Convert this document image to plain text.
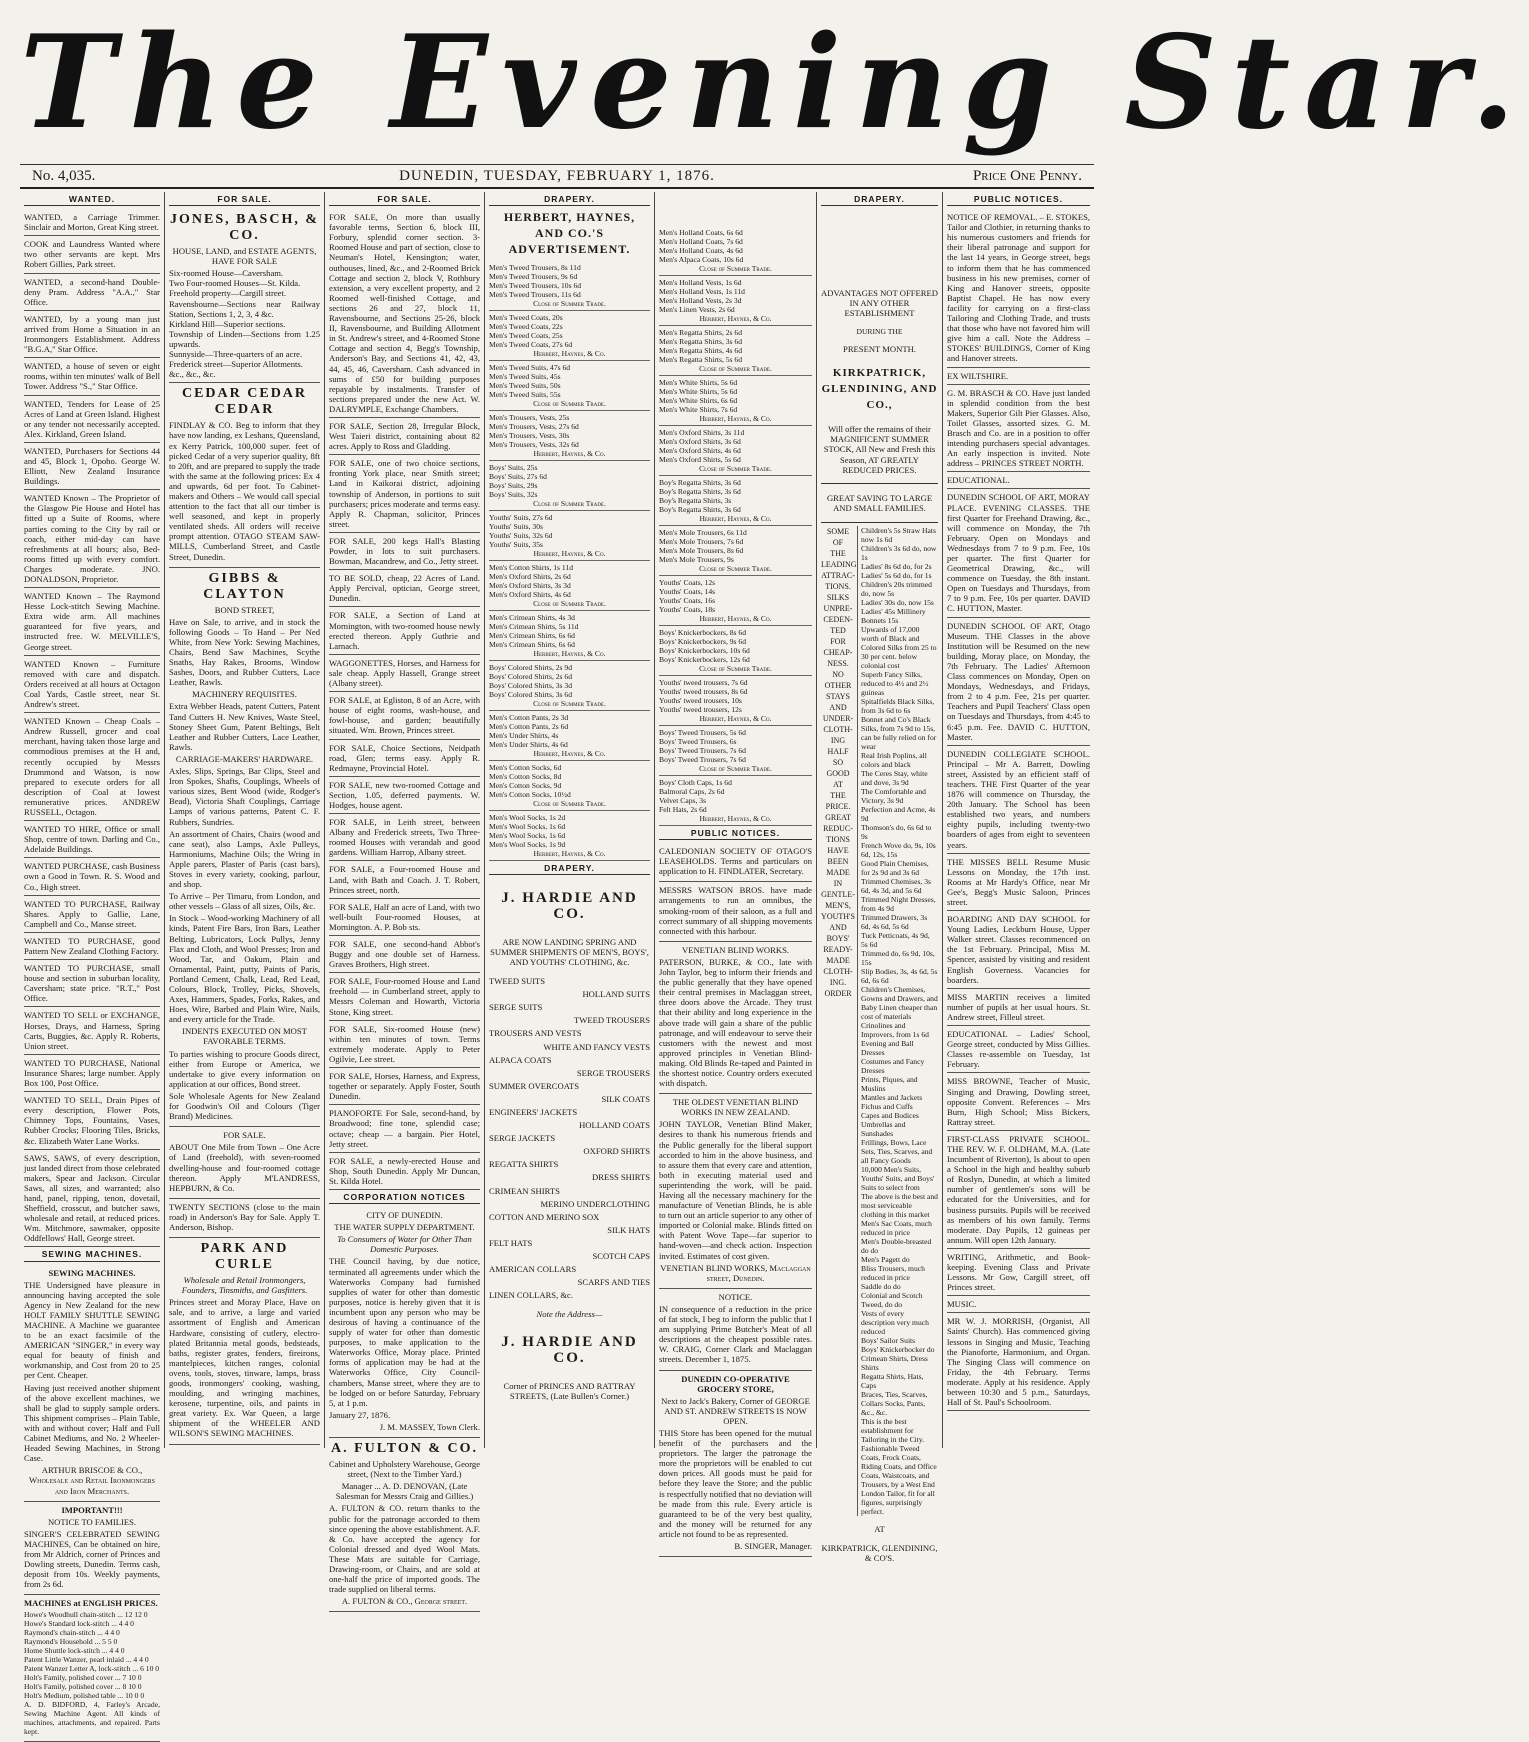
The Evening Star.
No. 4,035.	DUNEDIN, TUESDAY, FEBRUARY 1, 1876.	Price One Penny.
WANTED.
WANTED, a Carriage Trimmer. Sinclair and Morton, Great King street.
COOK and Laundress Wanted where two other servants are kept. Mrs Robert Gillies, Park street.
WANTED, a second-hand Double-deny Pram. Address "A.A.," Star Office.
WANTED, by a young man just arrived from Home a Situation in an Ironmongers Establishment. Address "B.G.A," Star Office.
WANTED, a house of seven or eight rooms, within ten minutes' walk of Bell Tower. Address "S.," Star Office.
WANTED, Tenders for Lease of 25 Acres of Land at Green Island. Highest or any tender not necessarily accepted. Alex. Kirkland, Green Island.
WANTED, Purchasers for Sections 44 and 45, Block 1, Opoho. George W. Elliott, New Zealand Insurance Buildings.
WANTED Known – The Proprietor of the Glasgow Pie House and Hotel has fitted up a Suite of Rooms, where parties coming to the City by rail or coach, either mid-day can have refreshments at all hours; also, Bed-rooms fitted up with every comfort. Charges moderate. JNO. DONALDSON, Proprietor.
WANTED Known – The Raymond Hesse Lock-stitch Sewing Machine. Extra wide arm. All machines guaranteed for five years, and instructed free. W. MELVILLE'S, George street.
WANTED Known – Furniture removed with care and dispatch. Orders received at all hours at Octagon Coal Yards, Castle street, near St. Andrew's street.
WANTED Known – Cheap Coals – Andrew Russell, grocer and coal merchant, having taken those large and commodious premises at the H and, recently occupied by Messrs Drummond and Watson, is now prepared to execute orders for all description of Coal at lowest remunerative prices. ANDREW RUSSELL, Octagon.
WANTED TO HIRE, Office or small Shop, centre of town. Darling and Co., Adelaide Buildings.
WANTED PURCHASE, cash Business own a Good in Town. R. S. Wood and Co., High street.
WANTED TO PURCHASE, Railway Shares. Apply to Gallie, Lane, Campbell and Co., Manse street.
WANTED TO PURCHASE, good Pattern New Zealand Clothing Factory.
WANTED TO PURCHASE, small house and section in suburban locality, Caversham; state price. "R.T.," Post Office.
WANTED TO SELL or EXCHANGE, Horses, Drays, and Harness, Spring Carts, Buggies, &c. Apply R. Roberts, Union street.
WANTED TO PURCHASE, National Insurance Shares; large number. Apply Box 100, Post Office.
WANTED TO SELL, Drain Pipes of every description, Flower Pots, Chimney Tops, Fountains, Vases, Rubber Crocks; Flooring Tiles, Bricks, &c. Elizabeth Water Lane Works.
SAWS, SAWS, of every description, just landed direct from those celebrated makers, Spear and Jackson. Circular Saws, all sizes, and warranted; also hand, panel, ripping, tenon, dovetail, Sheffield, crosscut, and butcher saws, wholesale and retail, at reduced prices. Wm. Mitchmore, sawmaker, opposite Oddfellows' Hall, George street.
SEWING MACHINES.

SEWING MACHINES.

THE Undersigned have pleasure in announcing having accepted the sole Agency in New Zealand for the new HOLT FAMILY SHUTTLE SEWING MACHINE. A Machine we guarantee to be an exact facsimile of the AMERICAN "SINGER," in every way equal for beauty of finish and workmanship, and Cost from 20 to 25 per Cent. Cheaper.

Having just received another shipment of the above excellent machines, we shall be glad to supply sample orders. This shipment comprises – Plain Table, with and without cover; Half and Full Cabinet Mediums, and No. 2 Wheeler-Headed Sewing Machines, in Strong Case.

ARTHUR BRISCOE & CO., Wholesale and Retail Ironmongers and Iron Merchants.

IMPORTANT!!!

NOTICE TO FAMILIES.

SINGER'S CELEBRATED SEWING MACHINES, Can be obtained on hire, from Mr Aldrich, corner of Princes and Dowling streets, Dunedin. Terms cash, deposit from 10s. Weekly payments, from 2s 6d.

MACHINES at ENGLISH PRICES.

Howe's Woodhull chain-stitch ... 12 12 0
Howe's Standard lock-stitch ... 4 4 0
Raymond's chain-stitch ... 4 4 0
Raymond's Household ... 5 5 0
Home Shuttle lock-stitch ... 4 4 0
Patent Little Wanzer, pearl inlaid ... 4 4 0
Patent Wanzer Letter A, lock-stitch ... 6 10 0
Holt's Family, polished cover ... 7 10 0
Holt's Family, polished cover ... 8 10 0
Holt's Medium, polished table ... 10 0 0

A. D. BIDFORD, 4, Farley's Arcade, Sewing Machine Agent. All kinds of machines, attachments, and repaired. Parts kept.

FOR SALE.

JONES, BASCH, & CO.

HOUSE, LAND, and ESTATE AGENTS, HAVE FOR SALE

Six-roomed House—Caversham.
Two Four-roomed Houses—St. Kilda.
Freehold property—Cargill street.
Ravensbourne—Sections near Railway Station, Sections 1, 2, 3, 4 &c.
Kirkland Hill—Superior sections.
Township of Linden—Sections from 1.25 upwards.
Sunnyside—Three-quarters of an acre.
Frederick street—Superior Allotments.
&c., &c., &c.

CEDAR CEDAR CEDAR

FINDLAY & CO. Beg to inform that they have now landing, ex Leshans, Queensland, ex Kerry Patrick, 100,000 super. feet of picked Cedar of a very superior quality, 8ft to 20ft, and are prepared to supply the trade with the same at the following prices: Ex 4 and upwards, 6d per foot. To Cabinet-makers and Others – We would call special attention to the fact that all our timber is well seasoned, and kept in properly ventilated sheds. All orders will receive prompt attention. OTAGO STEAM SAW-MILLS, Cumberland Street, and Castle Street, Dunedin.

GIBBS & CLAYTON

BOND STREET,

Have on Sale, to arrive, and in stock the following Goods – To Hand – Per Ned White, from New York: Sewing Machines, Chairs, Bend Saw Machines, Scythe Snaths, Hay Rakes, Brooms, Window Sashes, Doors, and Rubber Cutters, Lace Leather, Rawls.

MACHINERY REQUISITES.

Extra Webber Heads, patent Cutters, Patent Tand Cutters H. New Knives, Waste Steel, Stoney Sheet Gum, Patent Beltings, Belt Leather and Rubber Cutters, Lace Leather, Rawls.

CARRIAGE-MAKERS' HARDWARE.

Axles, Slips, Springs, Bar Clips, Steel and Iron Spokes, Shafts, Couplings, Wheels of various sizes, Bent Wood (wide, Rodger's Bead), Victoria Shaft Couplings, Carriage Lamps of various patterns, Patent C. F. Rubbers, Sundries.

An assortment of Chairs, Chairs (wood and cane seat), also Lamps, Axle Pulleys, Harmoniums, Machine Oils; the Wring in Apple parers, Plaster of Paris (cast bars), Stoves in every variety, cooking, parlour, and shop.

To Arrive – Per Timaru, from London, and other vessels – Glass of all sizes, Oils, &c.

In Stock – Wood-working Machinery of all kinds, Patent Fire Bars, Iron Bars, Leather Belting, Lubricators, Lock Pullys, Jenny Flax and Cloth, and Wool Presses; Iron and Wood, Tar, and Oakum, Plain and Ornamental, Paint, putty, Paints of Paris, Portland Cement, Chalk, Lead, Red Lead, Colours, Block, Trolley, Picks, Shovels, Axes, Hammers, Spades, Forks, Rakes, and Hoes, Wire, Barbed and Plain Wire, Nails, and every article for the Trade.

INDENTS EXECUTED ON MOST FAVORABLE TERMS.

To parties wishing to procure Goods direct, either from Europe or America, we undertake to give every information on application at our offices, Bond street.

Sole Wholesale Agents for New Zealand for Goodwin's Oil and Colours (Tiger Brand) Medicines.

FOR SALE.

ABOUT One Mile from Town – One Acre of Land (freehold), with seven-roomed dwelling-house and four-roomed cottage thereon. Apply M'LANDRESS, HEPBURN, & Co.

TWENTY SECTIONS (close to the main road) in Anderson's Bay for Sale. Apply T. Anderson, Bishop.

PARK AND CURLE

Wholesale and Retail Ironmongers, Founders, Tinsmiths, and Gasfitters.

Princes street and Moray Place, Have on sale, and to arrive, a large and varied assortment of English and American Hardware, consisting of cutlery, electro-plated Britannia metal goods, bedsteads, baths, register grates, fenders, fireirons, mantelpieces, kitchen ranges, colonial ovens, tools, stoves, tinware, lamps, brass goods, ironmongers' cooking, washing, moulding, and wringing machines, kerosene, turpentine, oils, and paints in great variety. Ex. War Queen, a large shipment of the WHEELER AND WILSON'S SEWING MACHINES.

FOR SALE.
FOR SALE, On more than usually favorable terms, Section 6, block III, Forbury, splendid corner section. 3-Roomed House and part of section, close to Neuman's Hotel, Kensington; water, outhouses, lined, &c., and 2-Roomed Brick Cottage and section 2, block V, Rothbury extension, a very excellent property, and 2 Roomed well-finished Cottage, and sections 26 and 27, block 11, Ravensbourne, and Sections 25-26, block II, Ravensbourne, and Building Allotment in St. Andrew's street, and 4-Roomed Stone Cottage and section 4, Begg's Township, Anderson's Bay, and Sections 41, 42, 43, 44, 45, 46, Caversham. Cash advanced in sums of £50 for building purposes repayable by instalments. Transfer of sections prepared under the new Act. W. DALRYMPLE, Exchange Chambers.
FOR SALE, Section 28, Irregular Block, West Taieri district, containing about 82 acres. Apply to Ross and Gladding.
FOR SALE, one of two choice sections, fronting York place, near Smith street; Land in Kaikorai district, adjoining township of Anderson, in portions to suit purchasers; prices moderate and terms easy. Apply R. Chapman, solicitor, Princes street.
FOR SALE, 200 kegs Hall's Blasting Powder, in lots to suit purchasers. Bowman, Macandrew, and Co., Jetty street.
TO BE SOLD, cheap, 22 Acres of Land. Apply Percival, optician, George street, Dunedin.
FOR SALE, a Section of Land at Mornington, with two-roomed house newly erected thereon. Apply Guthrie and Larnach.
WAGGONETTES, Horses, and Harness for sale cheap. Apply Hassell, Grange street (Albany street).
FOR SALE, at Egliston, 8 of an Acre, with house of eight rooms, wash-house, and fowl-house, and garden; beautifully situated. Wm. Brown, Princes street.
FOR SALE, Choice Sections, Neidpath road, Glen; terms easy. Apply R. Redmayne, Provincial Hotel.
FOR SALE, new two-roomed Cottage and Section, 1.05, deferred payments. W. Hodges, house agent.
FOR SALE, in Leith street, between Albany and Frederick streets, Two Three-roomed Houses with verandah and good gardens. William Harrop, Albany street.
FOR SALE, a Four-roomed House and Land, with Bath and Coach. J. T. Robert, Princes street, north.
FOR SALE, Half an acre of Land, with two well-built Four-roomed Houses, at Mornington. A. P. Bob sts.
FOR SALE, one second-hand Abbot's Buggy and one double set of Harness. Graves Brothers, High street.
FOR SALE, Four-roomed House and Land freehold — in Cumberland street, apply to Messrs Coleman and Howarth, Victoria Stone, King street.
FOR SALE, Six-roomed House (new) within ten minutes of town. Terms extremely moderate. Apply to Peter Ogilvie, Lee street.
FOR SALE, Horses, Harness, and Express, together or separately. Apply Foster, South Dunedin.
PIANOFORTE For Sale, second-hand, by Broadwood; fine tone, splendid case; octave; cheap — a bargain. Pier Hotel, Jetty street.
FOR SALE, a newly-erected House and Shop, South Dunedin. Apply Mr Duncan, St. Kilda Hotel.
CORPORATION NOTICES

CITY OF DUNEDIN.

THE WATER SUPPLY DEPARTMENT.

To Consumers of Water for Other Than Domestic Purposes.

THE Council having, by due notice, terminated all agreements under which the Waterworks Company had furnished supplies of water for other than domestic purposes, notice is hereby given that it is incumbent upon any person who may be desirous of having a continuance of the supply of water for other than domestic purposes, to make application to the Waterworks Office, Moray place. Printed forms of application may be had at the Waterworks Office, City Council-chambers, Manse street, where they are to be lodged on or before Saturday, February 5, at 1 p.m.

January 27, 1876.

J. M. MASSEY, Town Clerk.

A. FULTON & CO.

Cabinet and Upholstery Warehouse, George street, (Next to the Timber Yard.)

Manager ... A. D. DENOVAN, (Late Salesman for Messrs Craig and Gillies.)

A. FULTON & CO. return thanks to the public for the patronage accorded to them since opening the above establishment. A.F. & Co. have accepted the agency for Colonial dressed and dyed Wool Mats. These Mats are suitable for Carriage, Drawing-room, or Chairs, and are sold at one-half the price of imported goods. The trade supplied on liberal terms.

A. FULTON & CO., George street.

DRAPERY.

HERBERT, HAYNES, AND CO.'S ADVERTISEMENT.

Men's Tweed Trousers, 8s 11d
Men's Tweed Trousers, 9s 6d
Men's Tweed Trousers, 10s 6d
Men's Tweed Trousers, 11s 6d
Close of Summer Trade.
Men's Tweed Coats, 20s
Men's Tweed Coats, 22s
Men's Tweed Coats, 25s
Men's Tweed Coats, 27s 6d
Herbert, Haynes, & Co.
Men's Tweed Suits, 47s 6d
Men's Tweed Suits, 45s
Men's Tweed Suits, 50s
Men's Tweed Suits, 55s
Close of Summer Trade.
Men's Trousers, Vests, 25s
Men's Trousers, Vests, 27s 6d
Men's Trousers, Vests, 30s
Men's Trousers, Vests, 32s 6d
Herbert, Haynes, & Co.
Boys' Suits, 25s
Boys' Suits, 27s 6d
Boys' Suits, 29s
Boys' Suits, 32s
Close of Summer Trade.
Youths' Suits, 27s 6d
Youths' Suits, 30s
Youths' Suits, 32s 6d
Youths' Suits, 35s
Herbert, Haynes, & Co.
Men's Cotton Shirts, 1s 11d
Men's Oxford Shirts, 2s 6d
Men's Oxford Shirts, 3s 3d
Men's Oxford Shirts, 4s 6d
Close of Summer Trade.
Men's Crimean Shirts, 4s 3d
Men's Crimean Shirts, 5s 11d
Men's Crimean Shirts, 6s 6d
Men's Crimean Shirts, 6s 6d
Herbert, Haynes, & Co.
Boys' Colored Shirts, 2s 9d
Boys' Colored Shirts, 2s 6d
Boys' Colored Shirts, 3s 3d
Boys' Colored Shirts, 3s 6d
Close of Summer Trade.
Men's Cotton Pants, 2s 3d
Men's Cotton Pants, 2s 6d
Men's Under Shirts, 4s
Men's Under Shirts, 4s 6d
Herbert, Haynes, & Co.
Men's Cotton Socks, 6d
Men's Cotton Socks, 8d
Men's Cotton Socks, 9d
Men's Cotton Socks, 10½d
Close of Summer Trade.
Men's Wool Socks, 1s 2d
Men's Wool Socks, 1s 6d
Men's Wool Socks, 1s 6d
Men's Wool Socks, 1s 9d
Herbert, Haynes, & Co.
DRAPERY.

J. HARDIE AND CO.

ARE NOW LANDING SPRING AND SUMMER SHIPMENTS OF MEN'S, BOYS', AND YOUTHS' CLOTHING, &c.

TWEED SUITS
HOLLAND SUITS
SERGE SUITS
TWEED TROUSERS
TROUSERS AND VESTS
WHITE AND FANCY VESTS
ALPACA COATS
SERGE TROUSERS
SUMMER OVERCOATS
SILK COATS
ENGINEERS' JACKETS
HOLLAND COATS
SERGE JACKETS
OXFORD SHIRTS
REGATTA SHIRTS
DRESS SHIRTS
CRIMEAN SHIRTS
MERINO UNDERCLOTHING
COTTON AND MERINO SOX
SILK HATS
FELT HATS
SCOTCH CAPS
AMERICAN COLLARS
SCARFS AND TIES
LINEN COLLARS, &c.

Note the Address—

J. HARDIE AND CO.

Corner of PRINCES AND RATTRAY STREETS, (Late Bullen's Corner.)

Men's Holland Coats, 6s 6d
Men's Holland Coats, 7s 6d
Men's Holland Coats, 4s 6d
Men's Alpaca Coats, 10s 6d
Close of Summer Trade.
Men's Holland Vests, 1s 6d
Men's Holland Vests, 1s 11d
Men's Holland Vests, 2s 3d
Men's Linen Vests, 2s 6d
Herbert, Haynes, & Co.
Men's Regatta Shirts, 2s 6d
Men's Regatta Shirts, 3s 6d
Men's Regatta Shirts, 4s 6d
Men's Regatta Shirts, 5s 6d
Close of Summer Trade.
Men's White Shirts, 5s 6d
Men's White Shirts, 5s 6d
Men's White Shirts, 6s 6d
Men's White Shirts, 7s 6d
Herbert, Haynes, & Co.
Men's Oxford Shirts, 3s 11d
Men's Oxford Shirts, 3s 6d
Men's Oxford Shirts, 4s 6d
Men's Oxford Shirts, 5s 6d
Close of Summer Trade.
Boy's Regatta Shirts, 3s 6d
Boy's Regatta Shirts, 3s 6d
Boy's Regatta Shirts, 3s
Boy's Regatta Shirts, 3s 6d
Herbert, Haynes, & Co.
Men's Mole Trousers, 6s 11d
Men's Mole Trousers, 7s 6d
Men's Mole Trousers, 8s 6d
Men's Mole Trousers, 9s
Close of Summer Trade.
Youths' Coats, 12s
Youths' Coats, 14s
Youths' Coats, 16s
Youths' Coats, 18s
Herbert, Haynes, & Co.
Boys' Knickerbockers, 8s 6d
Boys' Knickerbockers, 9s 6d
Boys' Knickerbockers, 10s 6d
Boys' Knickerbockers, 12s 6d
Close of Summer Trade.
Youths' tweed trousers, 7s 6d
Youths' tweed trousers, 8s 6d
Youths' tweed trousers, 10s
Youths' tweed trousers, 12s
Herbert, Haynes, & Co.
Boys' Tweed Trousers, 5s 6d
Boys' Tweed Trousers, 6s
Boys' Tweed Trousers, 7s 6d
Boys' Tweed Trousers, 7s 6d
Close of Summer Trade.
Boys' Cloth Caps, 1s 6d
Balmoral Caps, 2s 6d
Velvet Caps, 3s
Felt Hats, 2s 6d
Herbert, Haynes, & Co.
PUBLIC NOTICES.

CALEDONIAN SOCIETY OF OTAGO'S LEASEHOLDS. Terms and particulars on application to H. FINDLATER, Secretary.

MESSRS WATSON BROS. have made arrangements to run an omnibus, the smoking-room of their saloon, as a full and correct summary of all shipping movements connected with this harbour.

VENETIAN BLIND WORKS.

PATERSON, BURKE, & CO., late with John Taylor, beg to inform their friends and the public generally that they have opened their central premises in Maclaggan street, three doors above the Arcade. They trust that their ability and long experience in the above trade will gain a share of the public patronage, and will endeavour to serve their customers with the newest and most approved principles in Venetian Blind-making. Old Blinds Re-taped and Painted in the shortest notice. Country orders executed with dispatch.

THE OLDEST VENETIAN BLIND WORKS IN NEW ZEALAND.

JOHN TAYLOR, Venetian Blind Maker, desires to thank his numerous friends and the Public generally for the liberal support accorded to him in the above business, and to assure them that every care and attention, both in executing material used and superintending the work, will be paid. Having all the necessary machinery for the manufacture of Venetian Blinds, he is able to turn out an article superior to any other of imported or Colonial make. Blinds fitted on with Patent Wove Tape—far superior to hand-woven—and check action. Inspection invited. Estimates of cost given.

VENETIAN BLIND WORKS, Maclaggan street, Dunedin.

NOTICE.

IN consequence of a reduction in the price of fat stock, I beg to inform the public that I am supplying Prime Butcher's Meat of all descriptions at the cheapest possible rates. W. CRAIG, Corner Clark and Maclaggan streets. December 1, 1875.

DUNEDIN CO-OPERATIVE GROCERY STORE,

Next to Jack's Bakery, Corner of GEORGE AND ST. ANDREW STREETS IS NOW OPEN.

THIS Store has been opened for the mutual benefit of the purchasers and the proprietors. The larger the patronage the more the proprietors will be enabled to cut down prices. All goods must be paid for before they leave the Store; and the public is respectfully notified that no deviation will be made from this rule. Every article is guaranteed to be of the very best quality, and the money will be returned for any article not found to be as represented.

B. SINGER, Manager.

DRAPERY.

ADVANTAGES NOT OFFERED IN ANY OTHER ESTABLISHMENT

DURING THE

PRESENT MONTH.

KIRKPATRICK, GLENDINING, AND CO.,

Will offer the remains of their MAGNIFICENT SUMMER STOCK, All New and Fresh this Season, AT GREATLY REDUCED PRICES.

GREAT SAVING TO LARGE AND SMALL FAMILIES.

SOME OF
THE
LEADING
ATTRAC-
TIONS.
SILKS
UNPRE-
CEDEN-
TED
FOR
CHEAP-
NESS.
NO
OTHER
STAYS
AND
UNDER-
CLOTH-
ING
HALF
SO
GOOD AT
THE
PRICE.
GREAT
REDUC-
TIONS
HAVE
BEEN
MADE
IN
GENTLE-
MEN'S,
YOUTH'S
AND
BOYS'
READY-
MADE
CLOTH-
ING.
ORDER
Children's 5s Straw Hats now 1s 6d
Children's 3s 6d do, now 1s
Ladies' 8s 6d do, for 2s
Ladies' 5s 6d do, for 1s
Children's 20s trimmed do, now 5s
Ladies' 30s do, now 15s
Ladies' 45s Millinery Bonnets 15s
Upwards of 17,000 worth of Black and Colored Silks from 25 to 30 per cent. below colonial cost
Superb Fancy Silks, reduced to 4½ and 2½ guineas
Spitalfields Black Silks, from 3s 6d to 6s
Bonnet and Co's Black Silks, from 7s 9d to 15s, can be fully relied on for wear
Real Irish Poplins, all colors and black
The Ceres Stay, white and dove, 3s 9d
The Comfortable and Victory, 3s 9d
Perfection and Acme, 4s 9d
Thomson's do, 6s 6d to 9s
French Wove do, 9s, 10s 6d, 12s, 15s
Good Plain Chemises, for 2s 9d and 3s 6d
Trimmed Chemises, 3s 6d, 4s 3d, and 5s 6d
Trimmed Night Dresses, from 4s 9d
Trimmed Drawers, 3s 6d, 4s 6d, 5s 6d
Tuck Petticoats, 4s 9d, 5s 6d
Trimmed do, 6s 9d, 10s, 15s
Slip Bodies, 3s, 4s 6d, 5s 6d, 6s 6d
Children's Chemises, Gowns and Drawers, and Baby Linen cheaper than cost of materials
Crinolines and Improvers, from 1s 6d
Evening and Ball Dresses
Costumes and Fancy Dresses
Prints, Piques, and Muslins
Mantles and Jackets
Fichus and Cuffs
Capes and Bodices
Umbrellas and Sunshades
Frillings, Bows, Lace Sets, Ties, Scarves, and all Fancy Goods
10,000 Men's Suits, Youths' Suits, and Boys' Suits to select from
The above is the best and most serviceable clothing in this market
Men's Sac Coats, much reduced in price
Men's Double-breasted do do
Men's Pagett do
Bliss Trousers, much reduced in price
Saddle do do
Colonial and Scotch Tweed, do do
Vests of every description very much reduced
Boys' Sailor Suits
Boys' Knickerbocker do
Crimean Shirts, Dress Shirts
Regatta Shirts, Hats, Caps
Braces, Ties, Scarves, Collars Socks, Pants, &c., &c.
This is the best establishment for Tailoring in the City. Fashionable Tweed Coats, Frock Coats, Riding Coats, and Office Coats, Waistcoats, and Trousers, by a West End London Tailor, fit for all figures, surprisingly perfect.

AT

KIRKPATRICK, GLENDINING, & CO'S.

PUBLIC NOTICES.
NOTICE OF REMOVAL. – E. STOKES, Tailor and Clothier, in returning thanks to his numerous customers and friends for their liberal patronage and support for the last 14 years, in George street, begs to inform them that he has commenced business in his new premises, corner of King and Hanover streets, opposite Baptist Chapel. He has now every facility for carrying on a first-class Tailoring and Clothing Trade, and trusts that those who have not favored him will give him a call. Note the Address – STOKES' BUILDINGS, Corner of King and Hanover streets.
EX WILTSHIRE.
G. M. BRASCH & CO. Have just landed in splendid condition from the best Makers, Superior Gilt Pier Glasses. Also, Toilet Glasses, assorted sizes. G. M. Brasch and Co. are in a position to offer intending purchasers special advantages. An early inspection is invited. Note address – PRINCES STREET NORTH.
EDUCATIONAL.
DUNEDIN SCHOOL OF ART, MORAY PLACE. EVENING CLASSES. THE first Quarter for Freehand Drawing, &c., will commence on Monday, the 7th February. Open on Mondays and Wednesdays from 7 to 9 p.m. Fee, 10s per quarter. The first Quarter for Geometrical Drawing, &c., will commence on Tuesday, the 8th instant. Open on Tuesdays and Thursdays, from 7 to 9 p.m. Fee, 10s per quarter. DAVID C. HUTTON, Master.
DUNEDIN SCHOOL OF ART, Otago Museum. THE Classes in the above Institution will be Resumed on the new building, Moray place, on Monday, the 7th February. The Ladies' Afternoon Class commences on Monday, Open on Mondays, Wednesdays, and Fridays, from 2 to 4 p.m. Fee, 21s per quarter. Teachers and Pupil Teachers' Class open on Tuesdays and Thursdays, from 4:45 to 6:45 p.m. Fee. DAVID C. HUTTON, Master.
DUNEDIN COLLEGIATE SCHOOL. Principal – Mr A. Barrett, Dowling street, Assisted by an efficient staff of teachers. THE First Quarter of the year 1876 will commence on Thursday, the 20th January. The School has been established two years, and numbers eighty pupils, including twenty-two boarders of ages from eight to seventeen years.
THE MISSES BELL Resume Music Lessons on Monday, the 17th inst. Rooms at Mr Hardy's Office, near Mr Gee's, Begg's Music Saloon, Princes street.
BOARDING AND DAY SCHOOL for Young Ladies, Leckburn House, Upper Walker street. Classes recommenced on the 1st February. Principal, Miss M. Spencer, assisted by visiting and resident English Governess. Vacancies for boarders.
MISS MARTIN receives a limited number of pupils at her usual hours. St. Andrew street, Filleul street.
EDUCATIONAL – Ladies' School, George street, conducted by Miss Gillies. Classes re-assemble on Tuesday, 1st February.
MISS BROWNE, Teacher of Music, Singing and Drawing, Dowling street, opposite Convent. References – Mrs Burn, High School; Miss Bickers, Rattray street.
FIRST-CLASS PRIVATE SCHOOL. THE REV. W. F. OLDHAM, M.A. (Late Incumbent of Riverton), Is about to open a School in the high and healthy suburb of Roslyn, Dunedin, at which a limited number of gentlemen's sons will be educated for the Universities, and for business pursuits. Pupils will be received as members of his own family. Terms moderate. Day Pupils, 12 guineas per annum. Will open 12th January.
WRITING, Arithmetic, and Book-keeping. Evening Class and Private Lessons. Mr Gow, Cargill street, off Princes street.
MUSIC.
MR W. J. MORRISH, (Organist, All Saints' Church). Has commenced giving lessons in Singing and Music, Teaching the Pianoforte, Harmonium, and Organ. The Singing Class will commence on Friday, the 4th February. Terms moderate. Apply at his residence. Apply between 10:30 and 5 p.m., Saturdays, Hall of St. Paul's Schoolroom.
